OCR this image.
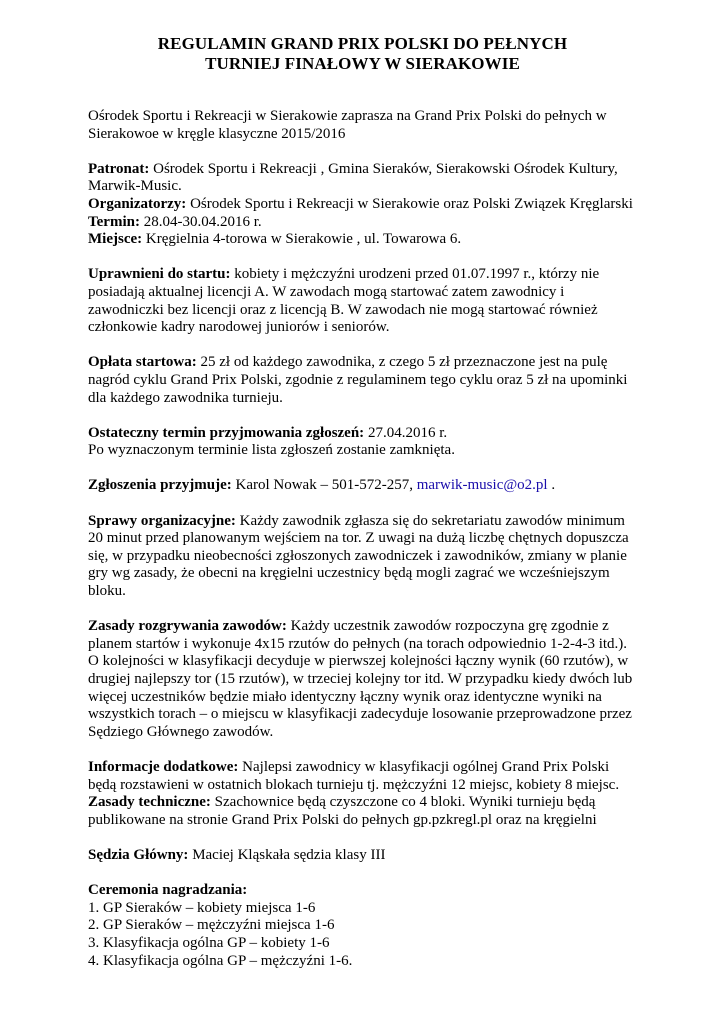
REGULAMIN GRAND PRIX POLSKI DO PEŁNYCH
TURNIEJ FINAŁOWY W SIERAKOWIE

Ośrodek Sportu i Rekreacji w Sierakowie zaprasza na Grand Prix Polski do pełnych w Sierakowoe w kręgle klasyczne 2015/2016

Patronat: Ośrodek Sportu i Rekreacji , Gmina Sieraków, Sierakowski Ośrodek Kultury, Marwik-Music.

Organizatorzy: Ośrodek Sportu i Rekreacji w Sierakowie oraz Polski Związek Kręglarski

Termin: 28.04-30.04.2016 r.

Miejsce: Kręgielnia 4-torowa w Sierakowie , ul. Towarowa 6.

Uprawnieni do startu: kobiety i mężczyźni urodzeni przed 01.07.1997 r., którzy nie posiadają aktualnej licencji A. W zawodach mogą startować zatem zawodnicy i zawodniczki bez licencji oraz z licencją B. W zawodach nie mogą startować również członkowie kadry narodowej juniorów i seniorów.

Opłata startowa: 25 zł od każdego zawodnika, z czego 5 zł przeznaczone jest na pulę nagród cyklu Grand Prix Polski, zgodnie z regulaminem tego cyklu oraz 5 zł na upominki dla każdego zawodnika turnieju.

Ostateczny termin przyjmowania zgłoszeń: 27.04.2016 r.

Po wyznaczonym terminie lista zgłoszeń zostanie zamknięta.

Zgłoszenia przyjmuje: Karol Nowak – 501-572-257, marwik-music@o2.pl .

Sprawy organizacyjne: Każdy zawodnik zgłasza się do sekretariatu zawodów minimum 20 minut przed planowanym wejściem na tor. Z uwagi na dużą liczbę chętnych dopuszcza się, w przypadku nieobecności zgłoszonych zawodniczek i zawodników, zmiany w planie gry wg zasady, że obecni na kręgielni uczestnicy będą mogli zagrać we wcześniejszym bloku.

Zasady rozgrywania zawodów: Każdy uczestnik zawodów rozpoczyna grę zgodnie z planem startów i wykonuje 4x15 rzutów do pełnych (na torach odpowiednio 1-2-4-3 itd.). O kolejności w klasyfikacji decyduje w pierwszej kolejności łączny wynik (60 rzutów), w drugiej najlepszy tor (15 rzutów), w trzeciej kolejny tor itd. W przypadku kiedy dwóch lub więcej uczestników będzie miało identyczny łączny wynik oraz identyczne wyniki na wszystkich torach – o miejscu w klasyfikacji zadecyduje losowanie przeprowadzone przez Sędziego Głównego zawodów.

Informacje dodatkowe: Najlepsi zawodnicy w klasyfikacji ogólnej Grand Prix Polski będą rozstawieni w ostatnich blokach turnieju tj. mężczyźni 12 miejsc, kobiety 8 miejsc.

Zasady techniczne: Szachownice będą czyszczone co 4 bloki. Wyniki turnieju będą publikowane na stronie Grand Prix Polski do pełnych gp.pzkregl.pl oraz na kręgielni

Sędzia Główny: Maciej Kląskała sędzia klasy III

Ceremonia nagradzania:

1. GP Sieraków – kobiety miejsca 1-6

2. GP Sieraków – mężczyźni miejsca 1-6

3. Klasyfikacja ogólna GP – kobiety 1-6

4. Klasyfikacja ogólna GP – mężczyźni 1-6.
